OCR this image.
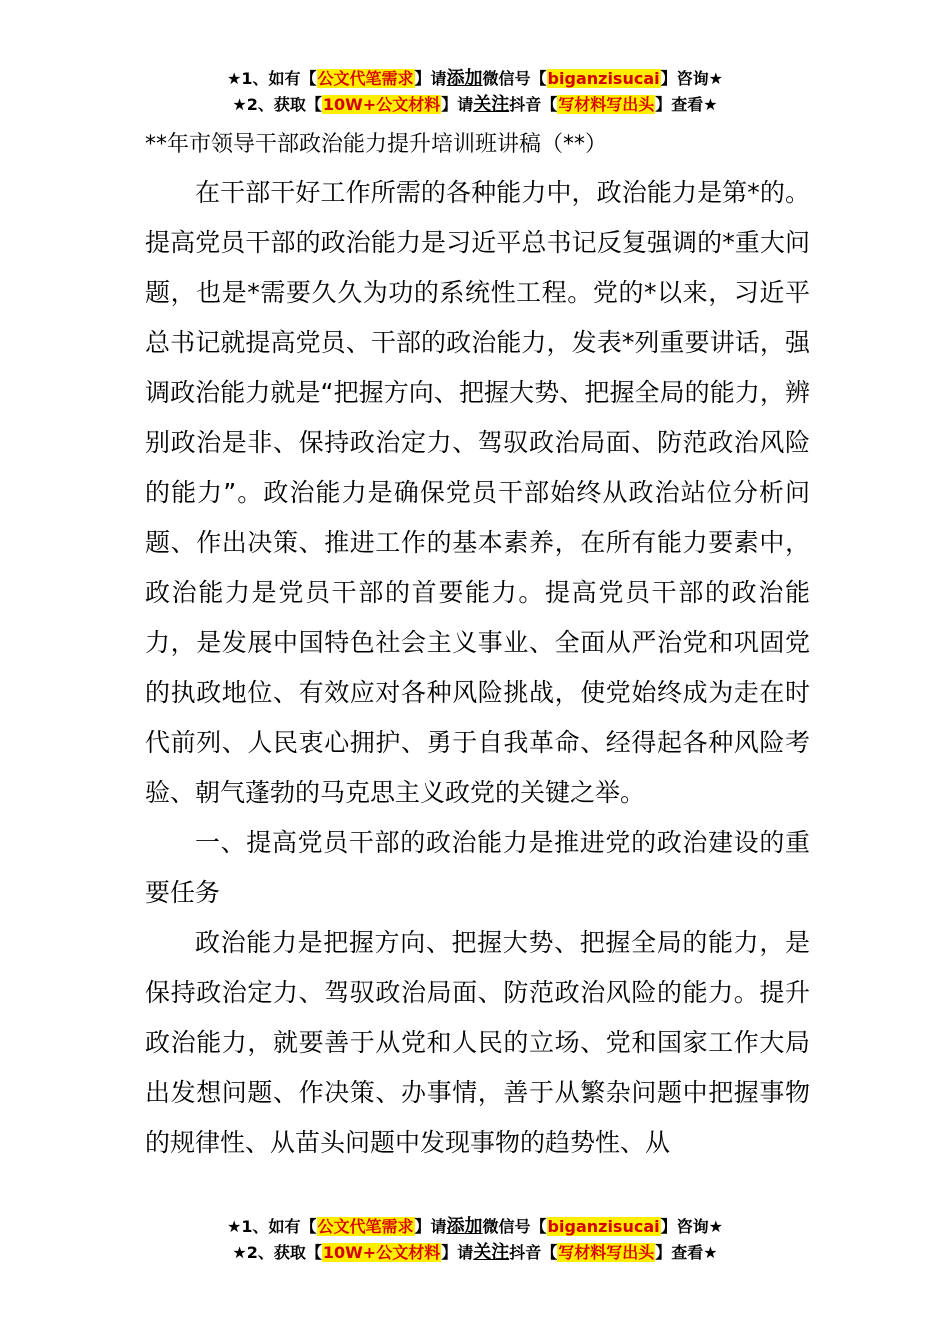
★1、如有【公文代笔需求】请添加微信号【biganzisucai】咨询★
★2、获取【10W+公文材料】请关注抖音【写材料写出头】查看★

**年市领导干部政治能力提升培训班讲稿（**）

在干部干好工作所需的各种能力中，政治能力是第*的。提高党员干部的政治能力是习近平总书记反复强调的*重大问题，也是*需要久久为功的系统性工程。党的*以来，习近平总书记就提高党员、干部的政治能力，发表*列重要讲话，强调政治能力就是“把握方向、把握大势、把握全局的能力，辨别政治是非、保持政治定力、驾驭政治局面、防范政治风险的能力”。政治能力是确保党员干部始终从政治站位分析问题、作出决策、推进工作的基本素养，在所有能力要素中，政治能力是党员干部的首要能力。提高党员干部的政治能力，是发展中国特色社会主义事业、全面从严治党和巩固党的执政地位、有效应对各种风险挑战，使党始终成为走在时代前列、人民衷心拥护、勇于自我革命、经得起各种风险考验、朝气蓬勃的马克思主义政党的关键之举。

一、提高党员干部的政治能力是推进党的政治建设的重要任务

政治能力是把握方向、把握大势、把握全局的能力，是保持政治定力、驾驭政治局面、防范政治风险的能力。提升政治能力，就要善于从党和人民的立场、党和国家工作大局出发想问题、作决策、办事情，善于从繁杂问题中把握事物的规律性、从苗头问题中发现事物的趋势性、从

★1、如有【公文代笔需求】请添加微信号【biganzisucai】咨询★
★2、获取【10W+公文材料】请关注抖音【写材料写出头】查看★
